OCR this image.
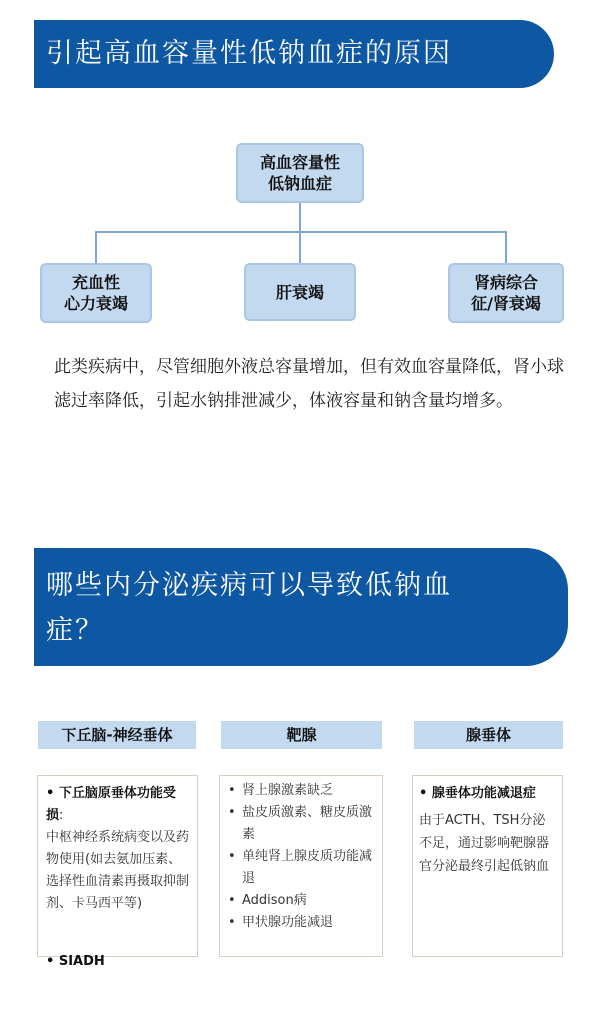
引起高血容量性低钠血症的原因
高血容量性
低钠血症
充血性
心力衰竭
肝衰竭	肾病综合
征/肾衰竭
此类疾病中，尽管细胞外液总容量增加，但有效血容量降低，肾小球滤过率降低，引起水钠排泄减少，体液容量和钠含量均增多。
哪些内分泌疾病可以导致低钠血
症？
下丘脑-神经垂体	靶腺	腺垂体
• 下丘脑原垂体功能受损:
中枢神经系统病变以及药物使用(如去氨加压素、选择性血清素再摄取抑制剂、卡马西平等)
• SIADH
• 肾上腺激素缺乏
• 盐皮质激素、糖皮质激素
• 单纯肾上腺皮质功能减退
• Addison病
• 甲状腺功能减退
• 腺垂体功能减退症
由于ACTH、TSH分泌不足，通过影响靶腺器官分泌最终引起低钠血
